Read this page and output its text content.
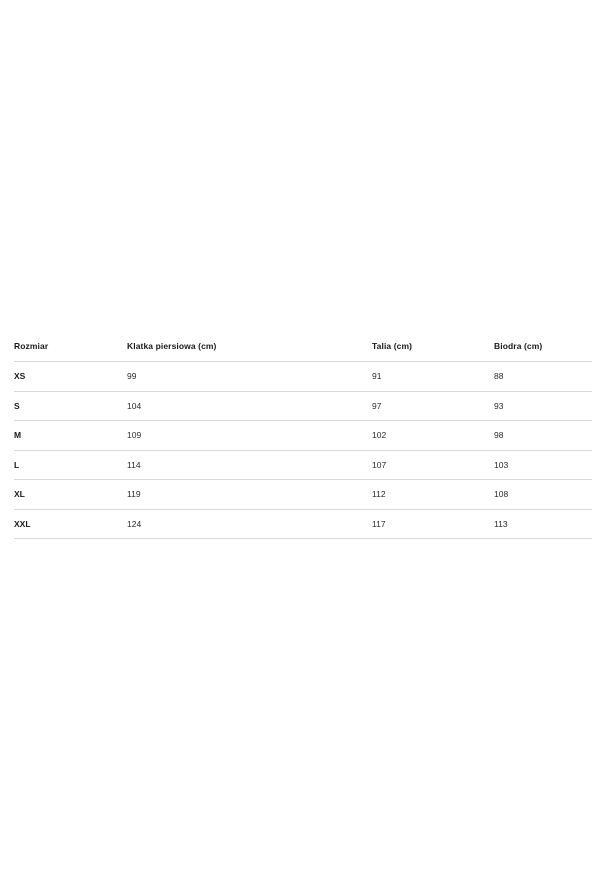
Rozmiar	Klatka piersiowa (cm)	Talia (cm)	Biodra (cm)
XS	99	91	88
S	104	97	93
M	109	102	98
L	114	107	103
XL	119	112	108
XXL	124	117	113
